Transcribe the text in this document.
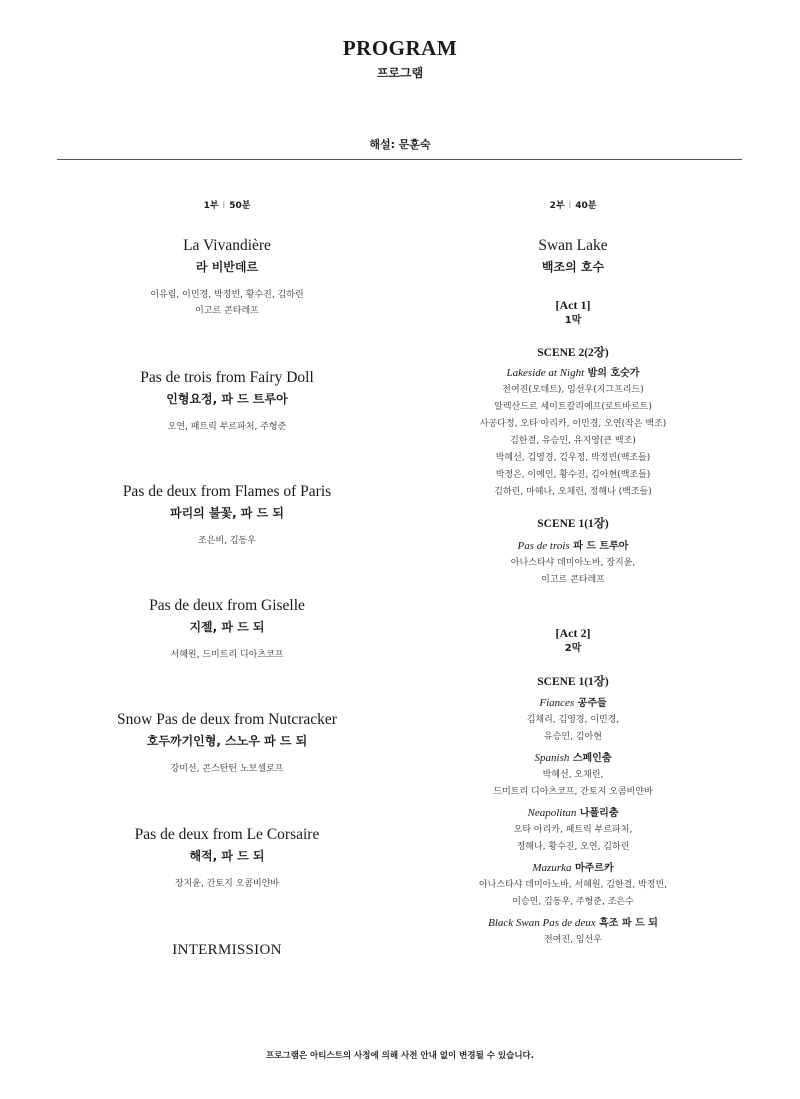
PROGRAM
프로그램
해설: 문훈숙
1부 I 50분
La Vivandière
라 비반데르
이유림, 이민경, 박정빈, 황수진, 김하린
이고르 콘타레프
Pas de trois from Fairy Doll
인형요정, 파 드 트루아
오연, 패트릭 부르파처, 주형준
Pas de deux from Flames of Paris
파리의 불꽃, 파 드 되
조은비, 김동우
Pas de deux from Giselle
지젤, 파 드 되
서혜원, 드미트리 디아츠코프
Snow Pas de deux from Nutcracker
호두까기인형, 스노우 파 드 되
강미선, 콘스탄틴 노보셀로프
Pas de deux from Le Corsaire
해적, 파 드 되
장지윤, 간토지 오콤비얀바
INTERMISSION
2부 I 40분
Swan Lake
백조의 호수
[Act 1]
1막
SCENE 2(2장)
Lakeside at Night 밤의 호숫가
전여진(오데트), 임선우(지그프리드)
알렉산드르 세이트칼리예프(로트바르트)
사공다정, 오타 아리카, 이민경, 오연(작은 백조)
김한결, 유승민, 유지영(큰 백조)
박혜선, 김영경, 김우정, 박정빈(백조들)
박정은, 이예인, 황수진, 김아현(백조들)
김하린, 마헤나, 오채린, 정해나 (백조들)
SCENE 1(1장)
Pas de trois 파 드 트루아
아나스타샤 데미아노바, 장지윤,
이고르 콘타레프
[Act 2]
2막
SCENE 1(1장)
Fiances 공주들
김채리, 김영경, 이민경,
유승민, 김아현
Spanish 스페인춤
박혜선, 오채린,
드미트리 디아츠코프, 간토지 오콤비얀바
Neapolitan 나폴리춤
오타 아리카, 패트릭 부르파처,
정해나, 황수진, 오연, 김하린
Mazurka 마주르카
아나스타샤 데미아노바, 서혜원, 김한결, 박정빈,
이승민, 김동우, 주형준, 조은수
Black Swan Pas de deux 흑조 파 드 되
전여진, 임선우
프로그램은 아티스트의 사정에 의해 사전 안내 없이 변경될 수 있습니다.
